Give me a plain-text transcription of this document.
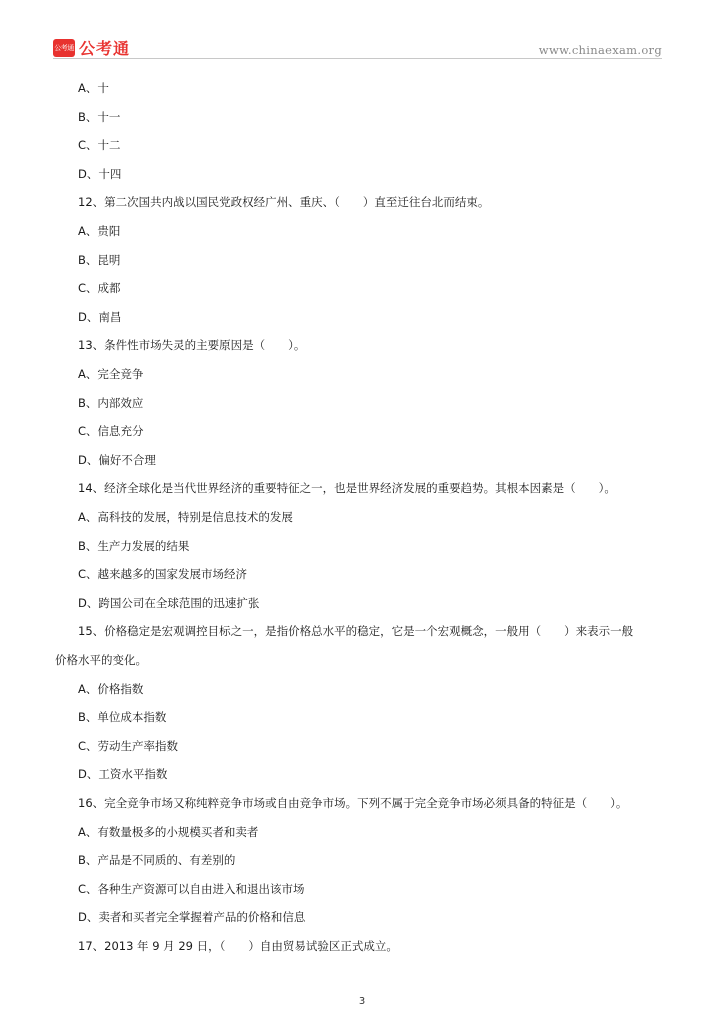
公考通 公考通	www.chinaexam.org
A、十
B、十一
C、十二
D、十四
12、第二次国共内战以国民党政权经广州、重庆、（　　）直至迁往台北而结束。
A、贵阳
B、昆明
C、成都
D、南昌
13、条件性市场失灵的主要原因是（　　）。
A、完全竞争
B、内部效应
C、信息充分
D、偏好不合理
14、经济全球化是当代世界经济的重要特征之一，也是世界经济发展的重要趋势。其根本因素是（　　）。
A、高科技的发展，特别是信息技术的发展
B、生产力发展的结果
C、越来越多的国家发展市场经济
D、跨国公司在全球范围的迅速扩张
15、价格稳定是宏观调控目标之一，是指价格总水平的稳定，它是一个宏观概念，一般用（　　）来表示一般
价格水平的变化。
A、价格指数
B、单位成本指数
C、劳动生产率指数
D、工资水平指数
16、完全竞争市场又称纯粹竞争市场或自由竞争市场。下列不属于完全竞争市场必须具备的特征是（　　）。
A、有数量极多的小规模买者和卖者
B、产品是不同质的、有差别的
C、各种生产资源可以自由进入和退出该市场
D、卖者和买者完全掌握着产品的价格和信息
17、2013 年 9 月 29 日，（　　）自由贸易试验区正式成立。
3
